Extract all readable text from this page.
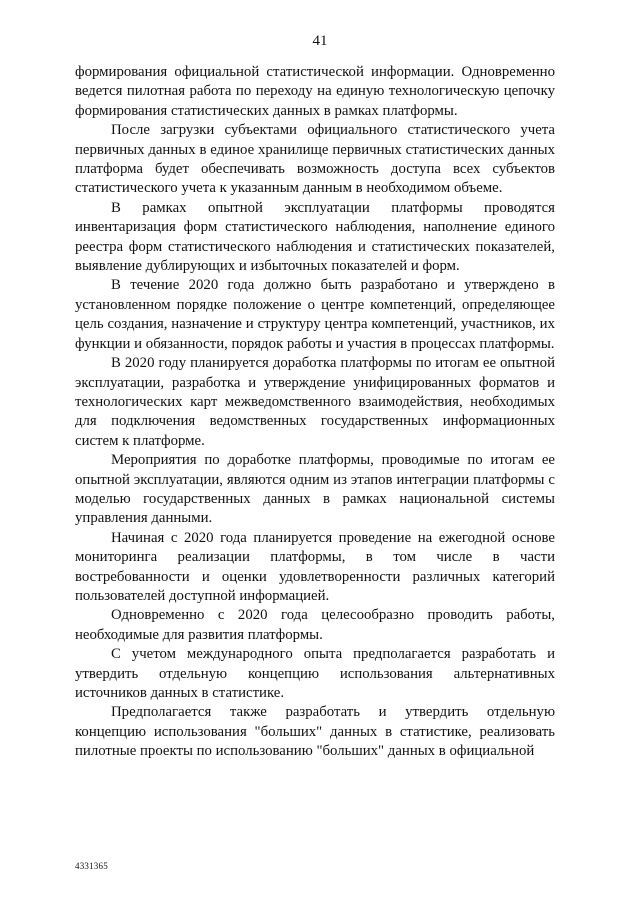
41

формирования официальной статистической информации. Одновременно ведется пилотная работа по переходу на единую технологическую цепочку формирования статистических данных в рамках платформы.

После загрузки субъектами официального статистического учета первичных данных в единое хранилище первичных статистических данных платформа будет обеспечивать возможность доступа всех субъектов статистического учета к указанным данным в необходимом объеме.

В рамках опытной эксплуатации платформы проводятся инвентаризация форм статистического наблюдения, наполнение единого реестра форм статистического наблюдения и статистических показателей, выявление дублирующих и избыточных показателей и форм.

В течение 2020 года должно быть разработано и утверждено в установленном порядке положение о центре компетенций, определяющее цель создания, назначение и структуру центра компетенций, участников, их функции и обязанности, порядок работы и участия в процессах платформы.

В 2020 году планируется доработка платформы по итогам ее опытной эксплуатации, разработка и утверждение унифицированных форматов и технологических карт межведомственного взаимодействия, необходимых для подключения ведомственных государственных информационных систем к платформе.

Мероприятия по доработке платформы, проводимые по итогам ее опытной эксплуатации, являются одним из этапов интеграции платформы с моделью государственных данных в рамках национальной системы управления данными.

Начиная с 2020 года планируется проведение на ежегодной основе мониторинга реализации платформы, в том числе в части востребованности и оценки удовлетворенности различных категорий пользователей доступной информацией.

Одновременно с 2020 года целесообразно проводить работы, необходимые для развития платформы.

С учетом международного опыта предполагается разработать и утвердить отдельную концепцию использования альтернативных источников данных в статистике.

Предполагается также разработать и утвердить отдельную концепцию использования "больших" данных в статистике, реализовать пилотные проекты по использованию "больших" данных в официальной

4331365
